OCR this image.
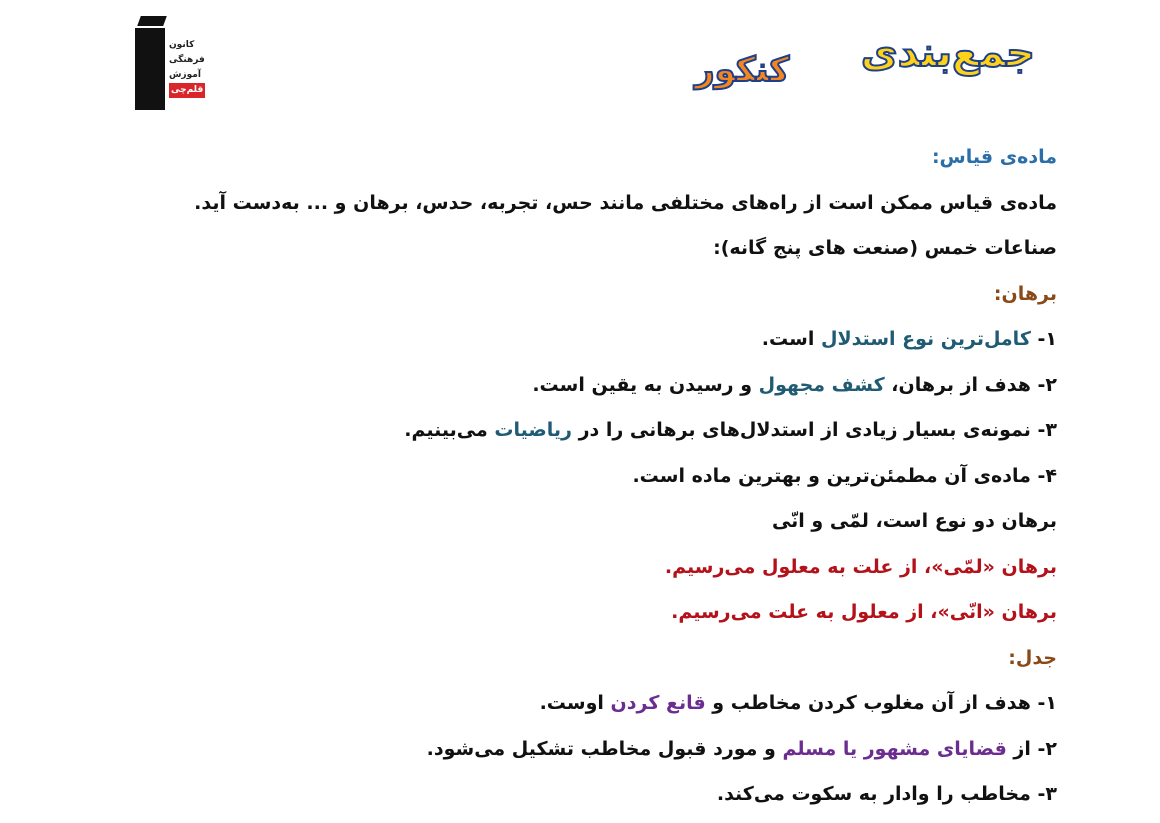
کانون
فرهنگی
آموزش
قلم‌چی
جمع‌بندی
کنکور
ماده‌ی قیاس:
ماده‌ی قیاس ممکن است از راه‌های مختلفی مانند حس، تجربه، حدس، برهان و ... به‌دست آید.
صناعات خمس (صنعت های پنج گانه):
برهان:
۱- کامل‌ترین نوع استدلال است.
۲- هدف از برهان، کشف مجهول و رسیدن به یقین است.
۳- نمونه‌ی بسیار زیادی از استدلال‌های برهانی را در ریاضیات می‌بینیم.
۴- ماده‌ی آن مطمئن‌ترین و بهترین ماده است.
برهان دو نوع است، لمّی و انّی
برهان «لمّی»، از علت به معلول می‌رسیم.
برهان «انّی»، از معلول به علت می‌رسیم.
جدل:
۱- هدف از آن مغلوب کردن مخاطب و قانع کردن اوست.
۲- از قضایای مشهور یا مسلم و مورد قبول مخاطب تشکیل می‌شود.
۳- مخاطب را وادار به سکوت می‌کند.
